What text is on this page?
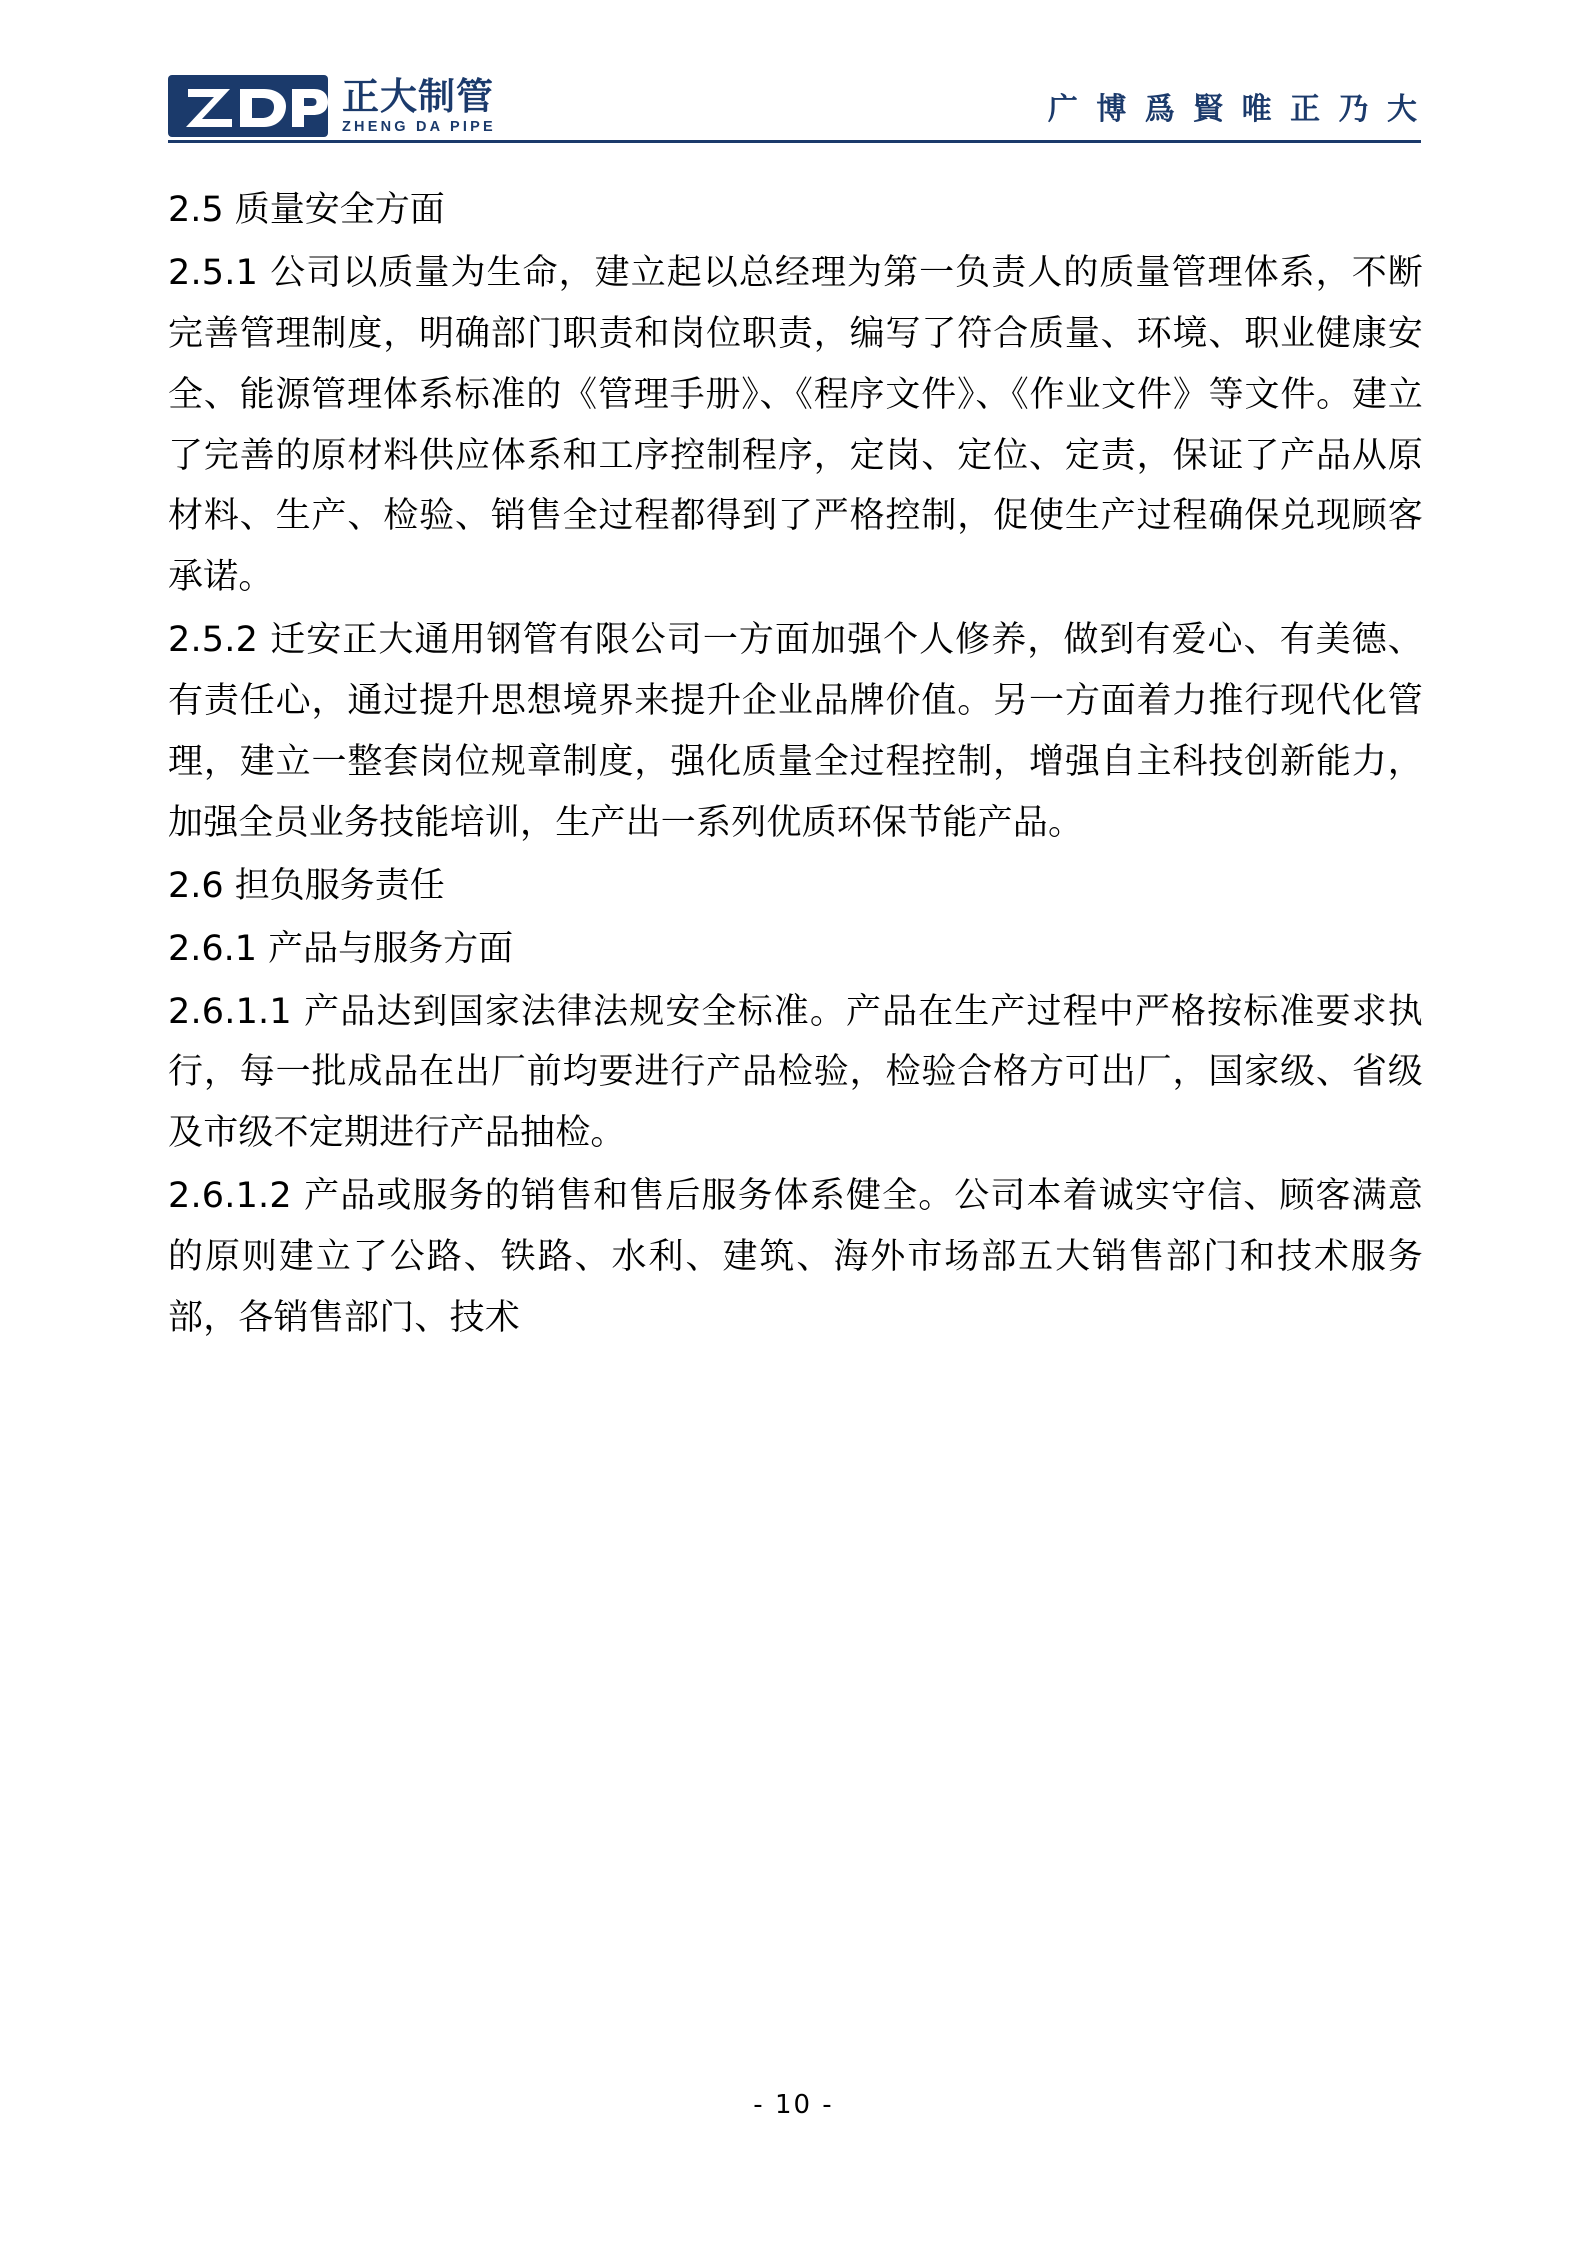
正大制管
ZHENG DA PIPE	广 博 爲 賢 唯 正 乃 大

2.5 质量安全方面

2.5.1 公司以质量为生命，建立起以总经理为第一负责人的质量管理体系，不断完善管理制度，明确部门职责和岗位职责，编写了符合质量、环境、职业健康安全、能源管理体系标准的《管理手册》、《程序文件》、《作业文件》等文件。建立了完善的原材料供应体系和工序控制程序，定岗、定位、定责，保证了产品从原材料、生产、检验、销售全过程都得到了严格控制，促使生产过程确保兑现顾客承诺。

2.5.2 迁安正大通用钢管有限公司一方面加强个人修养，做到有爱心、有美德、有责任心，通过提升思想境界来提升企业品牌价值。另一方面着力推行现代化管理，建立一整套岗位规章制度，强化质量全过程控制，增强自主科技创新能力，加强全员业务技能培训，生产出一系列优质环保节能产品。

2.6 担负服务责任

2.6.1 产品与服务方面

2.6.1.1 产品达到国家法律法规安全标准。产品在生产过程中严格按标准要求执行，每一批成品在出厂前均要进行产品检验，检验合格方可出厂，国家级、省级及市级不定期进行产品抽检。

2.6.1.2 产品或服务的销售和售后服务体系健全。公司本着诚实守信、顾客满意的原则建立了公路、铁路、水利、建筑、海外市场部五大销售部门和技术服务部，各销售部门、技术

- 10 -
